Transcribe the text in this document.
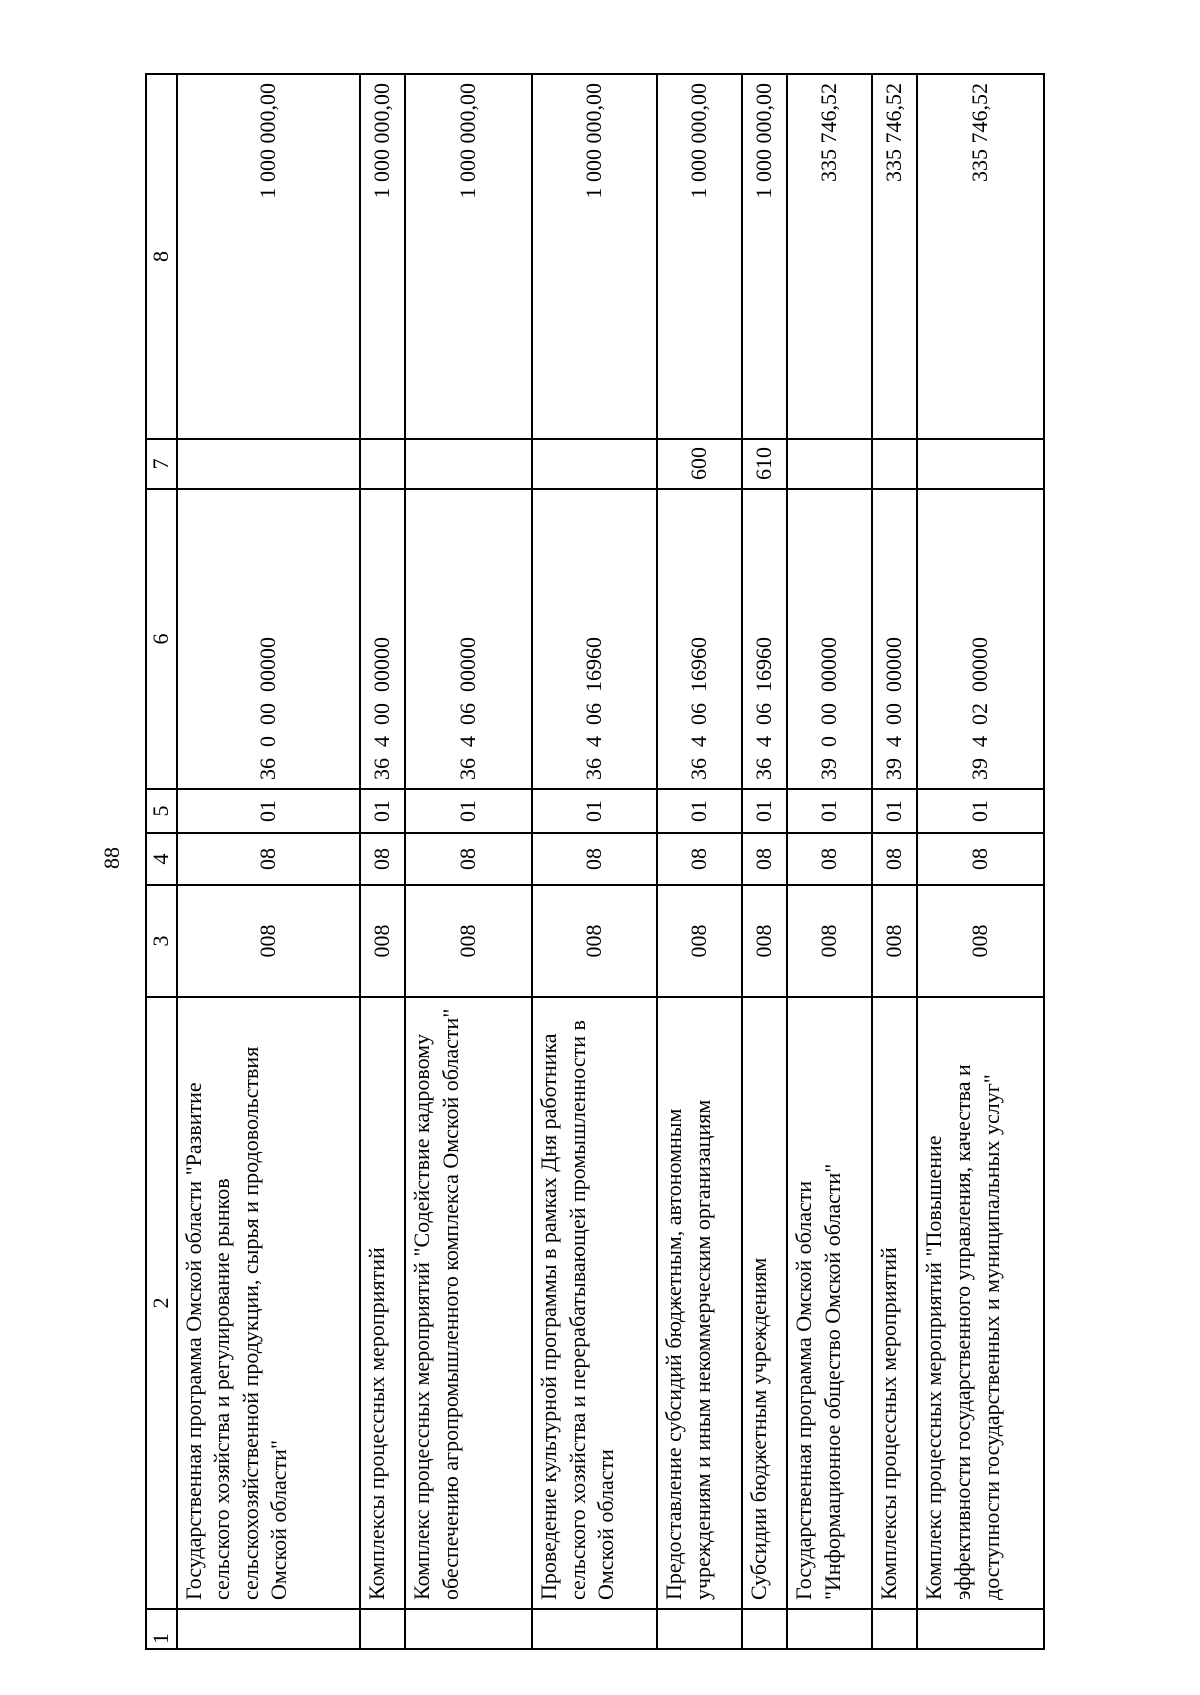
88
1	2	3	4	5	6	7	8
	Государственная программа Омской области "Развитие сельского хозяйства и регулирование рынков сельскохозяйственной продукции, сырья и продовольствия Омской области"	008	08	01	36  0  00  00000		1 000 000,00
	Комплексы процессных мероприятий	008	08	01	36  4  00  00000		1 000 000,00
	Комплекс процессных мероприятий "Содействие кадровому обеспечению агропромышленного комплекса Омской области"	008	08	01	36  4  06  00000		1 000 000,00
	Проведение культурной программы в рамках Дня работника сельского хозяйства и перерабатывающей промышленности в Омской области	008	08	01	36  4  06  16960		1 000 000,00
	Предоставление субсидий бюджетным, автономным учреждениям и иным некоммерческим организациям	008	08	01	36  4  06  16960	600	1 000 000,00
	Субсидии бюджетным учреждениям	008	08	01	36  4  06  16960	610	1 000 000,00
	Государственная программа Омской области "Информационное общество Омской области"	008	08	01	39  0  00  00000		335 746,52
	Комплексы процессных мероприятий	008	08	01	39  4  00  00000		335 746,52
	Комплекс процессных мероприятий "Повышение эффективности государственного управления, качества и доступности государственных и муниципальных услуг"	008	08	01	39  4  02  00000		335 746,52
